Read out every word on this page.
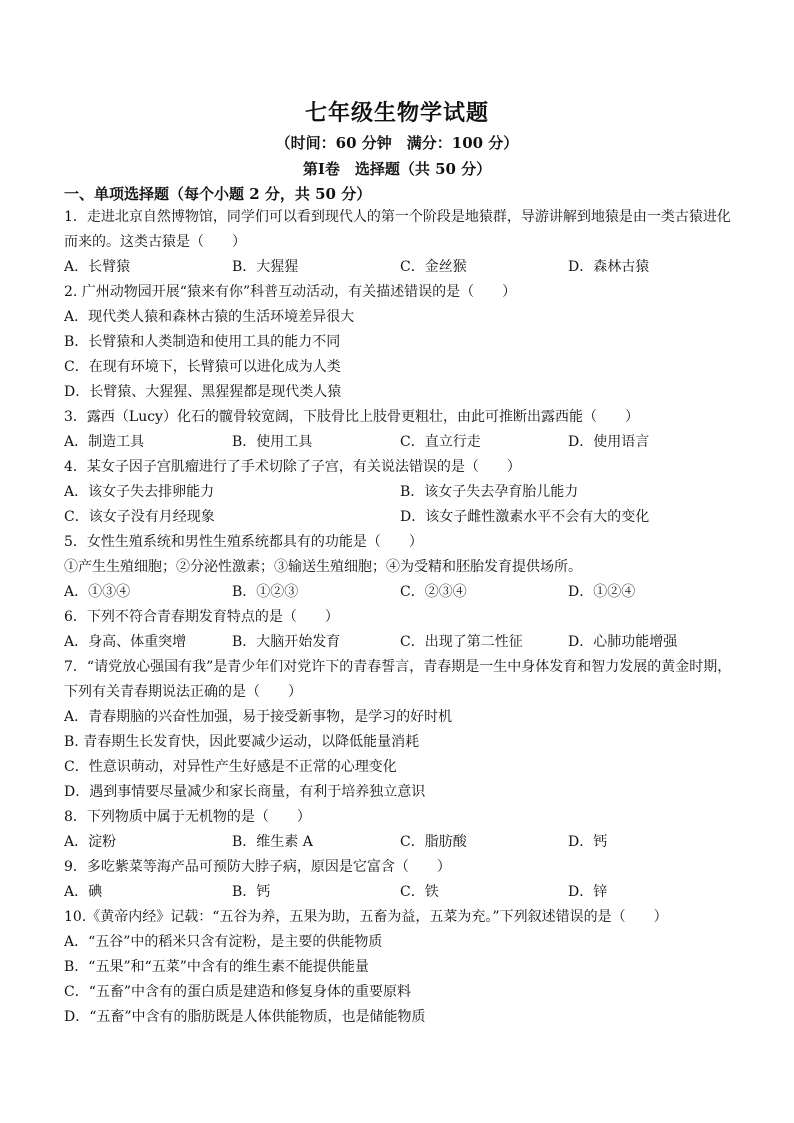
七年级生物学试题
（时间：60 分钟　满分：100 分）
第Ⅰ卷　选择题（共 50 分）
一、单项选择题（每个小题 2 分，共 50 分）
1．走进北京自然博物馆，同学们可以看到现代人的第一个阶段是地猿群，导游讲解到地猿是由一类古猿进化
而来的。这类古猿是（　　）
A．长臂猿	B．大猩猩	C．金丝猴	D．森林古猿
2. 广州动物园开展“猿来有你”科普互动活动，有关描述错误的是（　　）
A．现代类人猿和森林古猿的生活环境差异很大
B．长臂猿和人类制造和使用工具的能力不同
C．在现有环境下，长臂猿可以进化成为人类
D．长臂猿、大猩猩、黑猩猩都是现代类人猿
3．露西（Lucy）化石的髋骨较宽阔，下肢骨比上肢骨更粗壮，由此可推断出露西能（　　）
A．制造工具	B．使用工具	C．直立行走	D．使用语言
4．某女子因子宫肌瘤进行了手术切除了子宫，有关说法错误的是（　　）
A．该女子失去排卵能力	B．该女子失去孕育胎儿能力
C．该女子没有月经现象	D．该女子雌性激素水平不会有大的变化
5．女性生殖系统和男性生殖系统都具有的功能是（　　）
①产生生殖细胞；②分泌性激素；③输送生殖细胞；④为受精和胚胎发育提供场所。
A．①③④	B．①②③	C．②③④	D．①②④
6．下列不符合青春期发育特点的是（　　）
A．身高、体重突增	B．大脑开始发育	C．出现了第二性征	D．心肺功能增强
7．“请党放心强国有我”是青少年们对党许下的青春誓言，青春期是一生中身体发育和智力发展的黄金时期，
下列有关青春期说法正确的是（　　）
A．青春期脑的兴奋性加强，易于接受新事物，是学习的好时机
B. 青春期生长发育快，因此要减少运动，以降低能量消耗
C．性意识萌动，对异性产生好感是不正常的心理变化
D．遇到事情要尽量减少和家长商量，有利于培养独立意识
8．下列物质中属于无机物的是（　　）
A．淀粉	B．维生素 A	C．脂肪酸	D．钙
9．多吃紫菜等海产品可预防大脖子病，原因是它富含（　　）
A．碘	B．钙	C．铁	D．锌
10.《黄帝内经》记载：“五谷为养，五果为助，五畜为益，五菜为充。”下列叙述错误的是（　　）
A．“五谷”中的稻米只含有淀粉，是主要的供能物质
B．“五果”和“五菜”中含有的维生素不能提供能量
C．“五畜”中含有的蛋白质是建造和修复身体的重要原料
D．“五畜”中含有的脂肪既是人体供能物质，也是储能物质
